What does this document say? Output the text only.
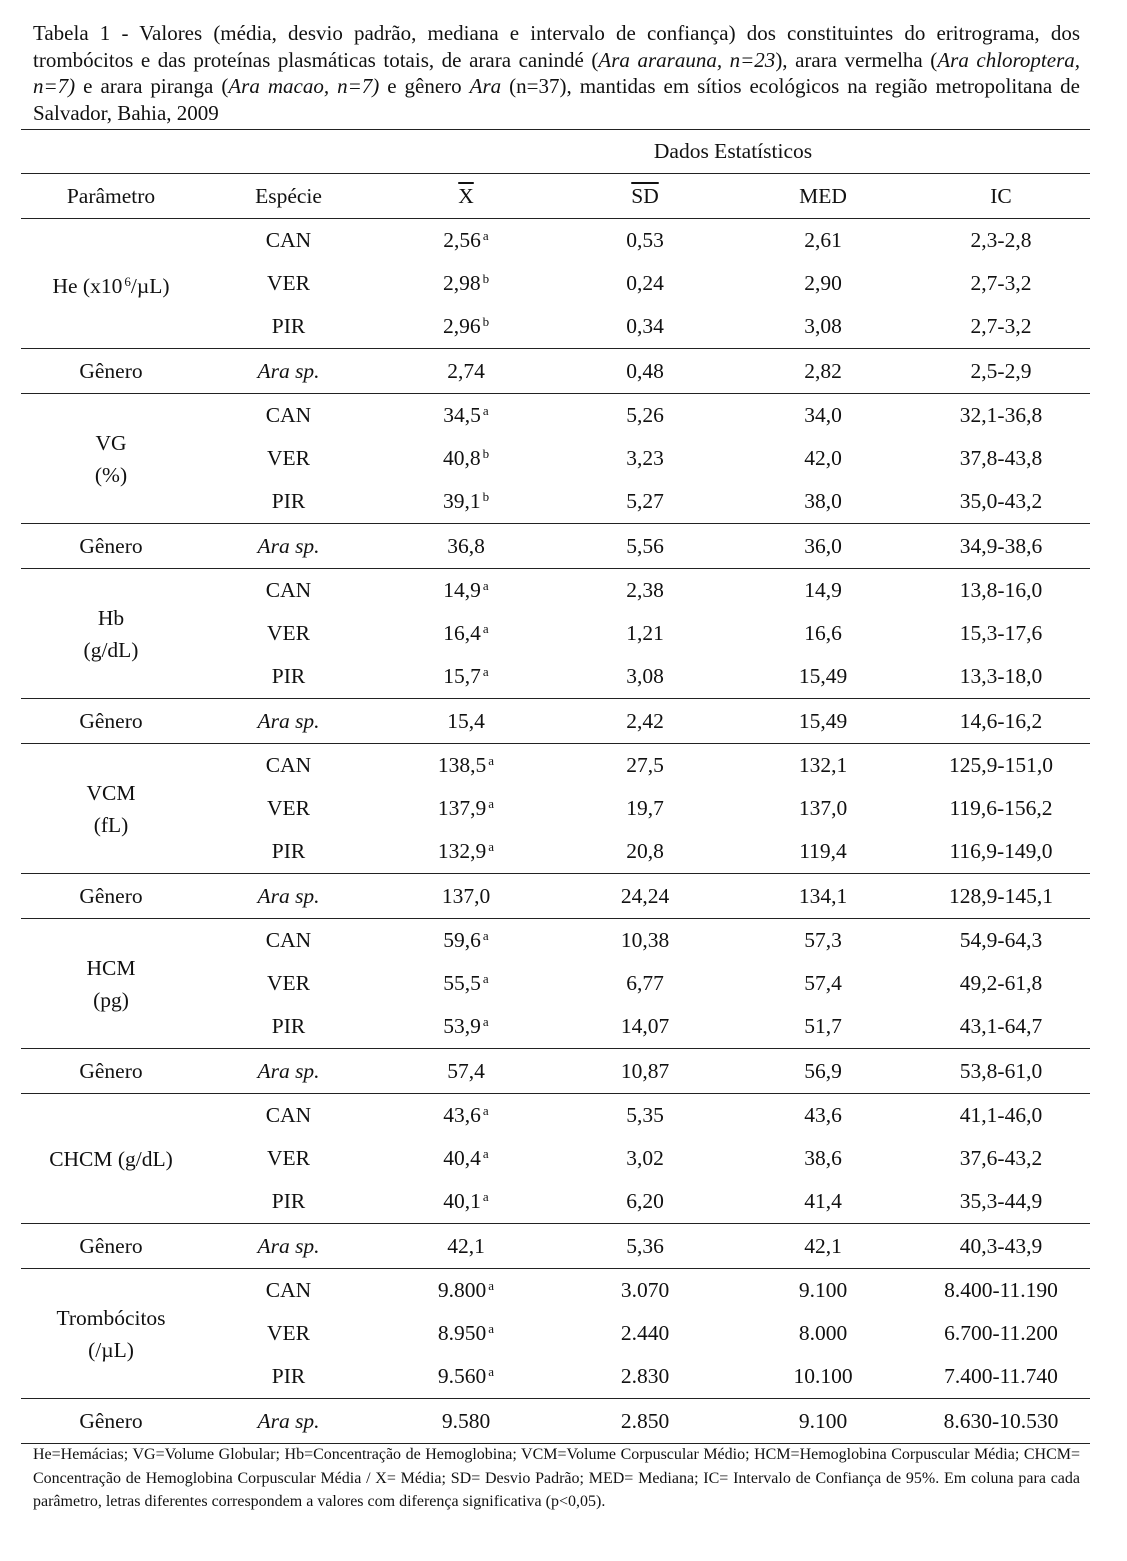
Tabela 1 - Valores (média, desvio padrão, mediana e intervalo de confiança) dos constituintes do eritrograma, dos trombócitos e das proteínas plasmáticas totais, de arara canindé (Ara ararauna, n=23), arara vermelha (Ara chloroptera, n=7) e arara piranga (Ara macao, n=7) e gênero Ara (n=37), mantidas em sítios ecológicos na região metropolitana de Salvador, Bahia, 2009
		Dados Estatísticos			
Parâmetro	Espécie	$\overline{X}$	$\overline{SD}$	MED	IC
He (x10 $^6$/µL)	CAN	2,56 $^a$	0,53	2,61	2,3-2,8
	VER	2,98 $^b$	0,24	2,90	2,7-3,2
	PIR	2,96 $^b$	0,34	3,08	2,7-3,2
Gênero	Ara sp.	2,74	0,48	2,82	2,5-2,9
VG
(%)	CAN	34,5 $^a$	5,26	34,0	32,1-36,8
	VER	40,8 $^b$	3,23	42,0	37,8-43,8
	PIR	39,1 $^b$	5,27	38,0	35,0-43,2
Gênero	Ara sp.	36,8	5,56	36,0	34,9-38,6
Hb
(g/dL)	CAN	14,9 $^a$	2,38	14,9	13,8-16,0
	VER	16,4 $^a$	1,21	16,6	15,3-17,6
	PIR	15,7 $^a$	3,08	15,49	13,3-18,0
Gênero	Ara sp.	15,4	2,42	15,49	14,6-16,2
VCM
(fL)	CAN	138,5 $^a$	27,5	132,1	125,9-151,0
	VER	137,9 $^a$	19,7	137,0	119,6-156,2
	PIR	132,9 $^a$	20,8	119,4	116,9-149,0
Gênero	Ara sp.	137,0	24,24	134,1	128,9-145,1
HCM
(pg)	CAN	59,6 $^a$	10,38	57,3	54,9-64,3
	VER	55,5 $^a$	6,77	57,4	49,2-61,8
	PIR	53,9 $^a$	14,07	51,7	43,1-64,7
Gênero	Ara sp.	57,4	10,87	56,9	53,8-61,0
CHCM (g/dL)	CAN	43,6 $^a$	5,35	43,6	41,1-46,0
	VER	40,4 $^a$	3,02	38,6	37,6-43,2
	PIR	40,1 $^a$	6,20	41,4	35,3-44,9
Gênero	Ara sp.	42,1	5,36	42,1	40,3-43,9
Trombócitos
(/µL)	CAN	9.800 $^a$	3.070	9.100	8.400-11.190
	VER	8.950 $^a$	2.440	8.000	6.700-11.200
	PIR	9.560 $^a$	2.830	10.100	7.400-11.740
Gênero	Ara sp.	9.580	2.850	9.100	8.630-10.530
He=Hemácias; VG=Volume Globular; Hb=Concentração de Hemoglobina; VCM=Volume Corpuscular Médio; HCM=Hemoglobina Corpuscular Média; CHCM= Concentração de Hemoglobina Corpuscular Média / X= Média; SD= Desvio Padrão; MED= Mediana; IC= Intervalo de Confiança de 95%. Em coluna para cada parâmetro, letras diferentes correspondem a valores com diferença significativa (p<0,05).
